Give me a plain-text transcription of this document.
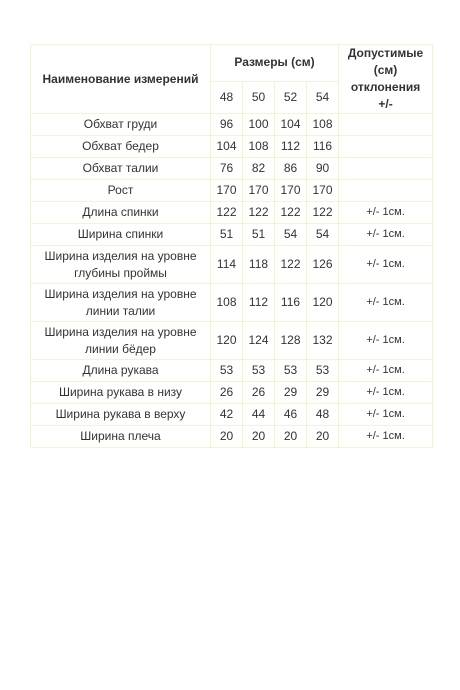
Наименование измерений	Размеры (см)				Допустимые (см) отклонения +/-
	48	50	52	54	
Обхват груди	96	100	104	108	
Обхват бедер	104	108	112	116	
Обхват талии	76	82	86	90	
Рост	170	170	170	170	
Длина спинки	122	122	122	122	+/- 1см.
Ширина спинки	51	51	54	54	+/- 1см.
Ширина изделия на уровне глубины проймы	114	118	122	126	+/- 1см.
Ширина изделия на уровне линии талии	108	112	116	120	+/- 1см.
Ширина изделия на уровне линии бёдер	120	124	128	132	+/- 1см.
Длина рукава	53	53	53	53	+/- 1см.
Ширина рукава в низу	26	26	29	29	+/- 1см.
Ширина рукава в верху	42	44	46	48	+/- 1см.
Ширина плеча	20	20	20	20	+/- 1см.
